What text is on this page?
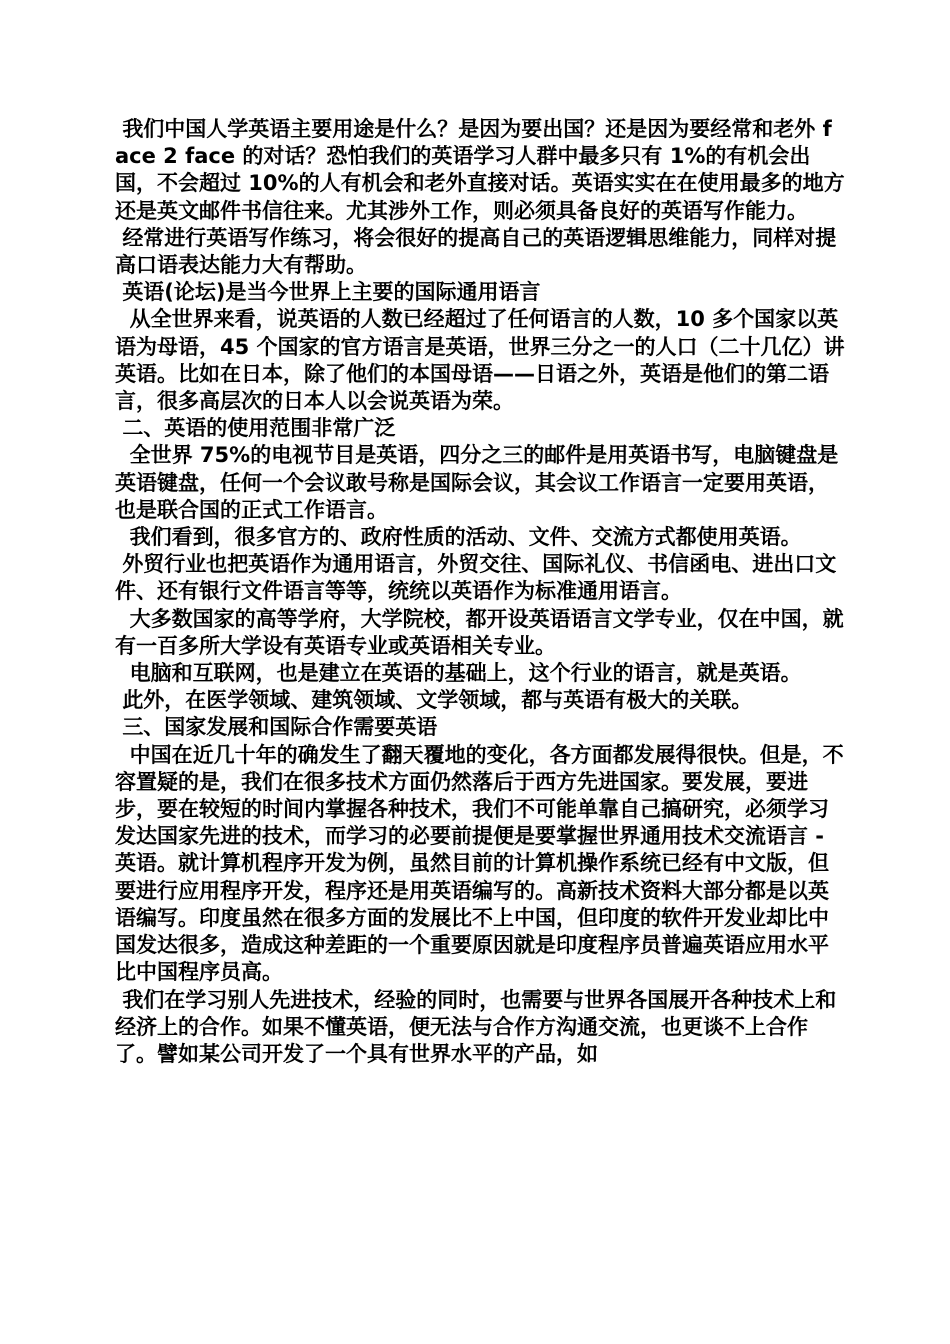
我们中国人学英语主要用途是什么？是因为要出国？还是因为要经常和老外 face 2 face 的对话？恐怕我们的英语学习人群中最多只有 1%的有机会出国，不会超过 10%的人有机会和老外直接对话。英语实实在在使用最多的地方还是英文邮件书信往来。尤其涉外工作，则必须具备良好的英语写作能力。

经常进行英语写作练习，将会很好的提高自己的英语逻辑思维能力，同样对提高口语表达能力大有帮助。

英语(论坛)是当今世界上主要的国际通用语言

从全世界来看，说英语的人数已经超过了任何语言的人数，10 多个国家以英语为母语，45 个国家的官方语言是英语，世界三分之一的人口（二十几亿）讲英语。比如在日本，除了他们的本国母语——日语之外，英语是他们的第二语言，很多高层次的日本人以会说英语为荣。

二、英语的使用范围非常广泛

全世界 75%的电视节目是英语，四分之三的邮件是用英语书写，电脑键盘是英语键盘，任何一个会议敢号称是国际会议，其会议工作语言一定要用英语，也是联合国的正式工作语言。

我们看到，很多官方的、政府性质的活动、文件、交流方式都使用英语。

外贸行业也把英语作为通用语言，外贸交往、国际礼仪、书信函电、进出口文件、还有银行文件语言等等，统统以英语作为标准通用语言。

大多数国家的高等学府，大学院校，都开设英语语言文学专业，仅在中国，就有一百多所大学设有英语专业或英语相关专业。

电脑和互联网，也是建立在英语的基础上，这个行业的语言，就是英语。

此外，在医学领域、建筑领域、文学领域，都与英语有极大的关联。

三、国家发展和国际合作需要英语

中国在近几十年的确发生了翻天覆地的变化，各方面都发展得很快。但是，不容置疑的是，我们在很多技术方面仍然落后于西方先进国家。要发展，要进步，要在较短的时间内掌握各种技术，我们不可能单靠自己搞研究，必须学习发达国家先进的技术，而学习的必要前提便是要掌握世界通用技术交流语言 - 英语。就计算机程序开发为例，虽然目前的计算机操作系统已经有中文版，但要进行应用程序开发，程序还是用英语编写的。高新技术资料大部分都是以英语编写。印度虽然在很多方面的发展比不上中国，但印度的软件开发业却比中国发达很多，造成这种差距的一个重要原因就是印度程序员普遍英语应用水平比中国程序员高。

我们在学习别人先进技术，经验的同时，也需要与世界各国展开各种技术上和经济上的合作。如果不懂英语，便无法与合作方沟通交流，也更谈不上合作了。譬如某公司开发了一个具有世界水平的产品，如
